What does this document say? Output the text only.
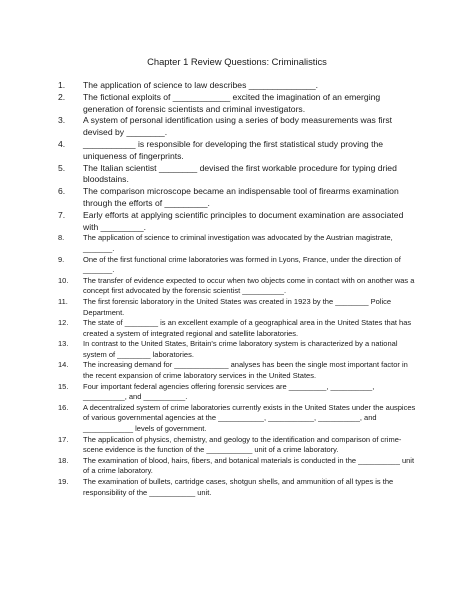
Chapter 1 Review Questions: Criminalistics
1.	The application of science to law describes ______________.
2.	The fictional exploits of ____________ excited the imagination of an emerging generation of forensic scientists and criminal investigators.
3.	A system of personal identification using a series of body measurements was first devised by ________.
4.	___________ is responsible for developing the first statistical study proving the uniqueness of fingerprints.
5.	The Italian scientist ________ devised the first workable procedure for typing dried bloodstains.
6.	The comparison microscope became an indispensable tool of firearms examination through the efforts of _________.
7.	Early efforts at applying scientific principles to document examination are associated with _________.
8.	The application of science to criminal investigation was advocated by the Austrian magistrate, _______.
9.	One of the first functional crime laboratories was formed in Lyons, France, under the direction of _______.
10.	The transfer of evidence expected to occur when two objects come in contact with on another was a concept first advocated by the forensic scientist __________.
11.	The first forensic laboratory in the United States was created in 1923 by the ________ Police Department.
12.	The state of ________ is an excellent example of a geographical area in the United States that has created a system of integrated regional and satellite laboratories.
13.	In contrast to the United States, Britain's crime laboratory system is characterized by a national system of ________ laboratories.
14.	The increasing demand for _____________ analyses has been the single most important factor in the recent expansion of crime laboratory services in the United States.
15.	Four important federal agencies offering forensic services are _________, __________, __________, and __________.
16.	A decentralized system of crime laboratories currently exists in the United States under the auspices of various governmental agencies at the ___________, ___________, __________, and ____________ levels of government.
17.	The application of physics, chemistry, and geology to the identification and comparison of crime-scene evidence is the function of the ___________ unit of a crime laboratory.
18.	The examination of blood, hairs, fibers, and botanical materials is conducted in the __________ unit of a crime laboratory.
19.	The examination of bullets, cartridge cases, shotgun shells, and ammunition of all types is the responsibility of the ___________ unit.
